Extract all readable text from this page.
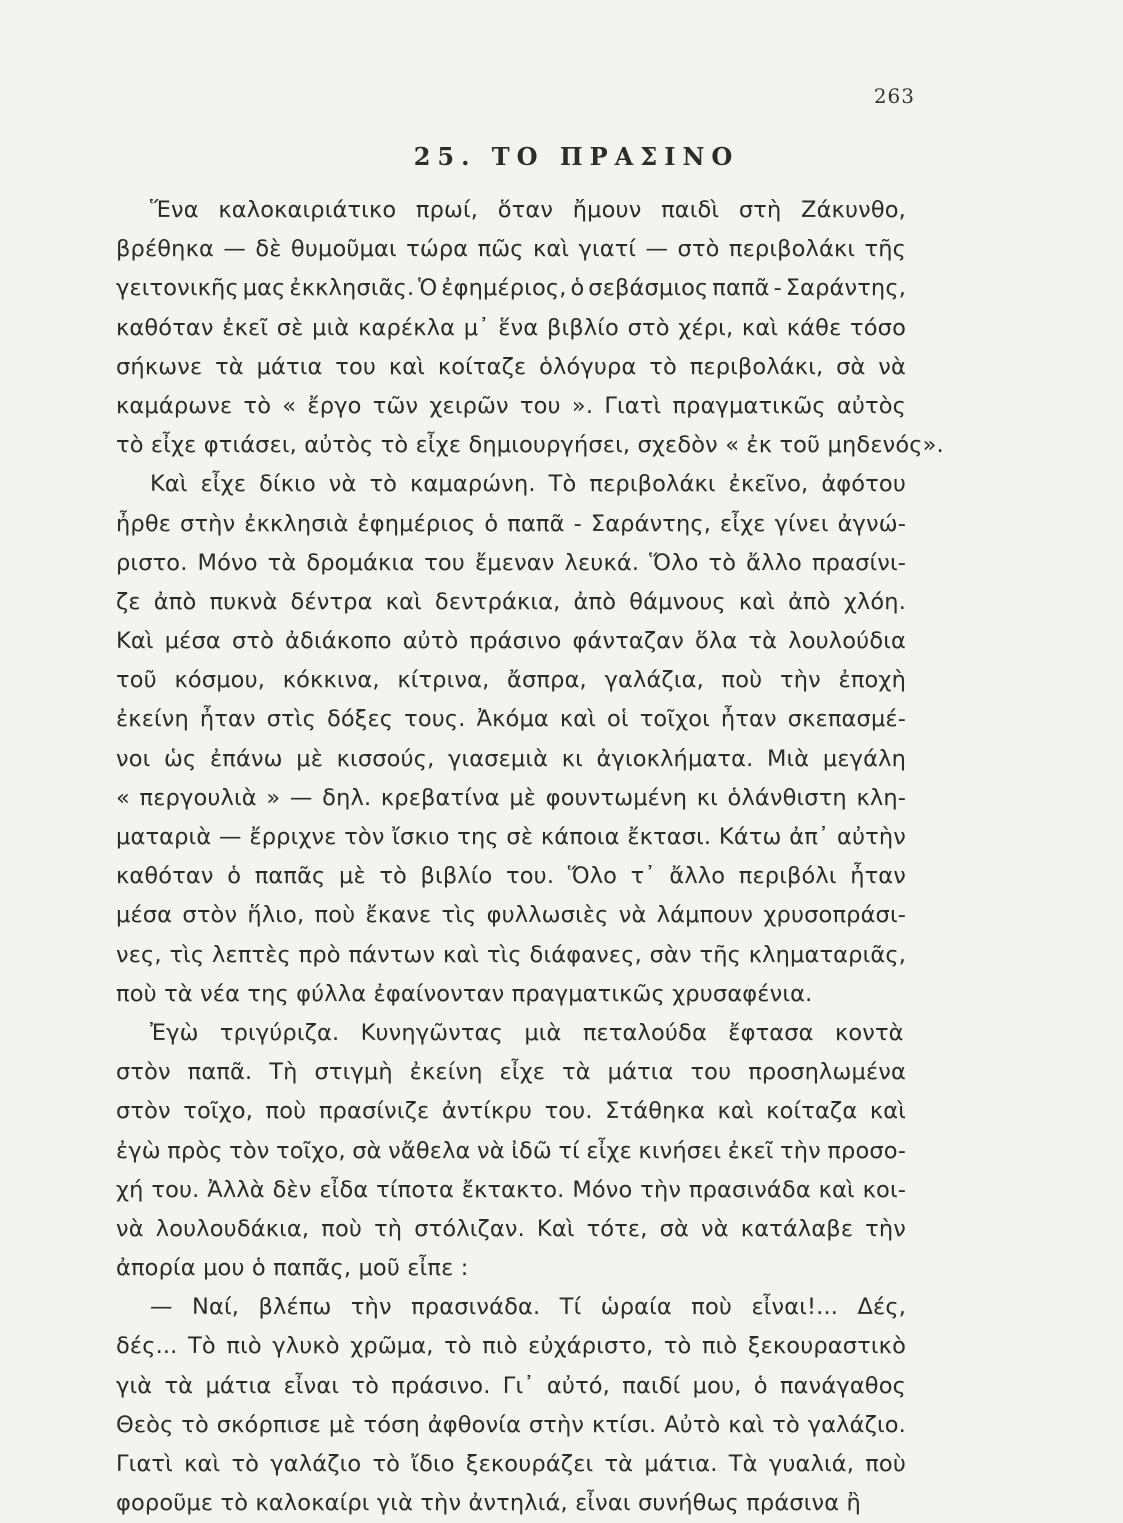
263
25. ΤΟ ΠΡΑΣΙΝΟ
Ἕνα καλοκαιριάτικο πρωί, ὅταν ἤμουν παιδὶ στὴ Ζάκυνθο,
βρέθηκα — δὲ θυμοῦμαι τώρα πῶς καὶ γιατί — στὸ περιβολάκι τῆς
γειτονικῆς μας ἐκκλησιᾶς. Ὁ ἐφημέριος, ὁ σεβάσμιος παπᾶ - Σαράντης,
καθόταν ἐκεῖ σὲ μιὰ καρέκλα μ᾽ ἕνα βιβλίο στὸ χέρι, καὶ κάθε τόσο
σήκωνε τὰ μάτια του καὶ κοίταζε ὁλόγυρα τὸ περιβολάκι, σὰ νὰ
καμάρωνε τὸ « ἔργο τῶν χειρῶν του ». Γιατὶ πραγματικῶς αὐτὸς
τὸ εἶχε φτιάσει, αὐτὸς τὸ εἶχε δημιουργήσει, σχεδὸν « ἐκ τοῦ μηδενός».
Καὶ εἶχε δίκιο νὰ τὸ καμαρώνη. Τὸ περιβολάκι ἐκεῖνο, ἀφότου
ἦρθε στὴν ἐκκλησιὰ ἐφημέριος ὁ παπᾶ - Σαράντης, εἶχε γίνει ἀγνώ-
ριστο. Μόνο τὰ δρομάκια του ἔμεναν λευκά. Ὅλο τὸ ἄλλο πρασίνι-
ζε ἀπὸ πυκνὰ δέντρα καὶ δεντράκια, ἀπὸ θάμνους καὶ ἀπὸ χλόη.
Καὶ μέσα στὸ ἀδιάκοπο αὐτὸ πράσινο φάνταζαν ὅλα τὰ λουλούδια
τοῦ κόσμου, κόκκινα, κίτρινα, ἄσπρα, γαλάζια, ποὺ τὴν ἐποχὴ
ἐκείνη ἦταν στὶς δόξες τους. Ἀκόμα καὶ οἱ τοῖχοι ἦταν σκεπασμέ-
νοι ὡς ἐπάνω μὲ κισσούς, γιασεμιὰ κι ἀγιοκλήματα. Μιὰ μεγάλη
« περγουλιὰ » — δηλ. κρεβατίνα μὲ φουντωμένη κι ὁλάνθιστη κλη-
ματαριὰ — ἔρριχνε τὸν ἴσκιο της σὲ κάποια ἔκτασι. Κάτω ἀπ᾽ αὐτὴν
καθόταν ὁ παπᾶς μὲ τὸ βιβλίο του. Ὅλο τ᾽ ἄλλο περιβόλι ἦταν
μέσα στὸν ἥλιο, ποὺ ἔκανε τὶς φυλλωσιὲς νὰ λάμπουν χρυσοπράσι-
νες, τὶς λεπτὲς πρὸ πάντων καὶ τὶς διάφανες, σὰν τῆς κληματαριᾶς,
ποὺ τὰ νέα της φύλλα ἐφαίνονταν πραγματικῶς χρυσαφένια.
Ἐγὼ τριγύριζα. Κυνηγῶντας μιὰ πεταλούδα ἔφτασα κοντὰ
στὸν παπᾶ. Τὴ στιγμὴ ἐκείνη εἶχε τὰ μάτια του προσηλωμένα
στὸν τοῖχο, ποὺ πρασίνιζε ἀντίκρυ του. Στάθηκα καὶ κοίταζα καὶ
ἐγὼ πρὸς τὸν τοῖχο, σὰ νἄθελα νὰ ἰδῶ τί εἶχε κινήσει ἐκεῖ τὴν προσο-
χή του. Ἀλλὰ δὲν εἶδα τίποτα ἔκτακτο. Μόνο τὴν πρασινάδα καὶ κοι-
νὰ λουλουδάκια, ποὺ τὴ στόλιζαν. Καὶ τότε, σὰ νὰ κατάλαβε τὴν
ἀπορία μου ὁ παπᾶς, μοῦ εἶπε :
— Ναί, βλέπω τὴν πρασινάδα. Τί ὡραία ποὺ εἶναι!... Δές,
δές... Τὸ πιὸ γλυκὸ χρῶμα, τὸ πιὸ εὐχάριστο, τὸ πιὸ ξεκουραστικὸ
γιὰ τὰ μάτια εἶναι τὸ πράσινο. Γι᾽ αὐτό, παιδί μου, ὁ πανάγαθος
Θεὸς τὸ σκόρπισε μὲ τόση ἀφθονία στὴν κτίσι. Αὐτὸ καὶ τὸ γαλάζιο.
Γιατὶ καὶ τὸ γαλάζιο τὸ ἴδιο ξεκουράζει τὰ μάτια. Τὰ γυαλιά, ποὺ
φοροῦμε τὸ καλοκαίρι γιὰ τὴν ἀντηλιά, εἶναι συνήθως πράσινα ἢ
